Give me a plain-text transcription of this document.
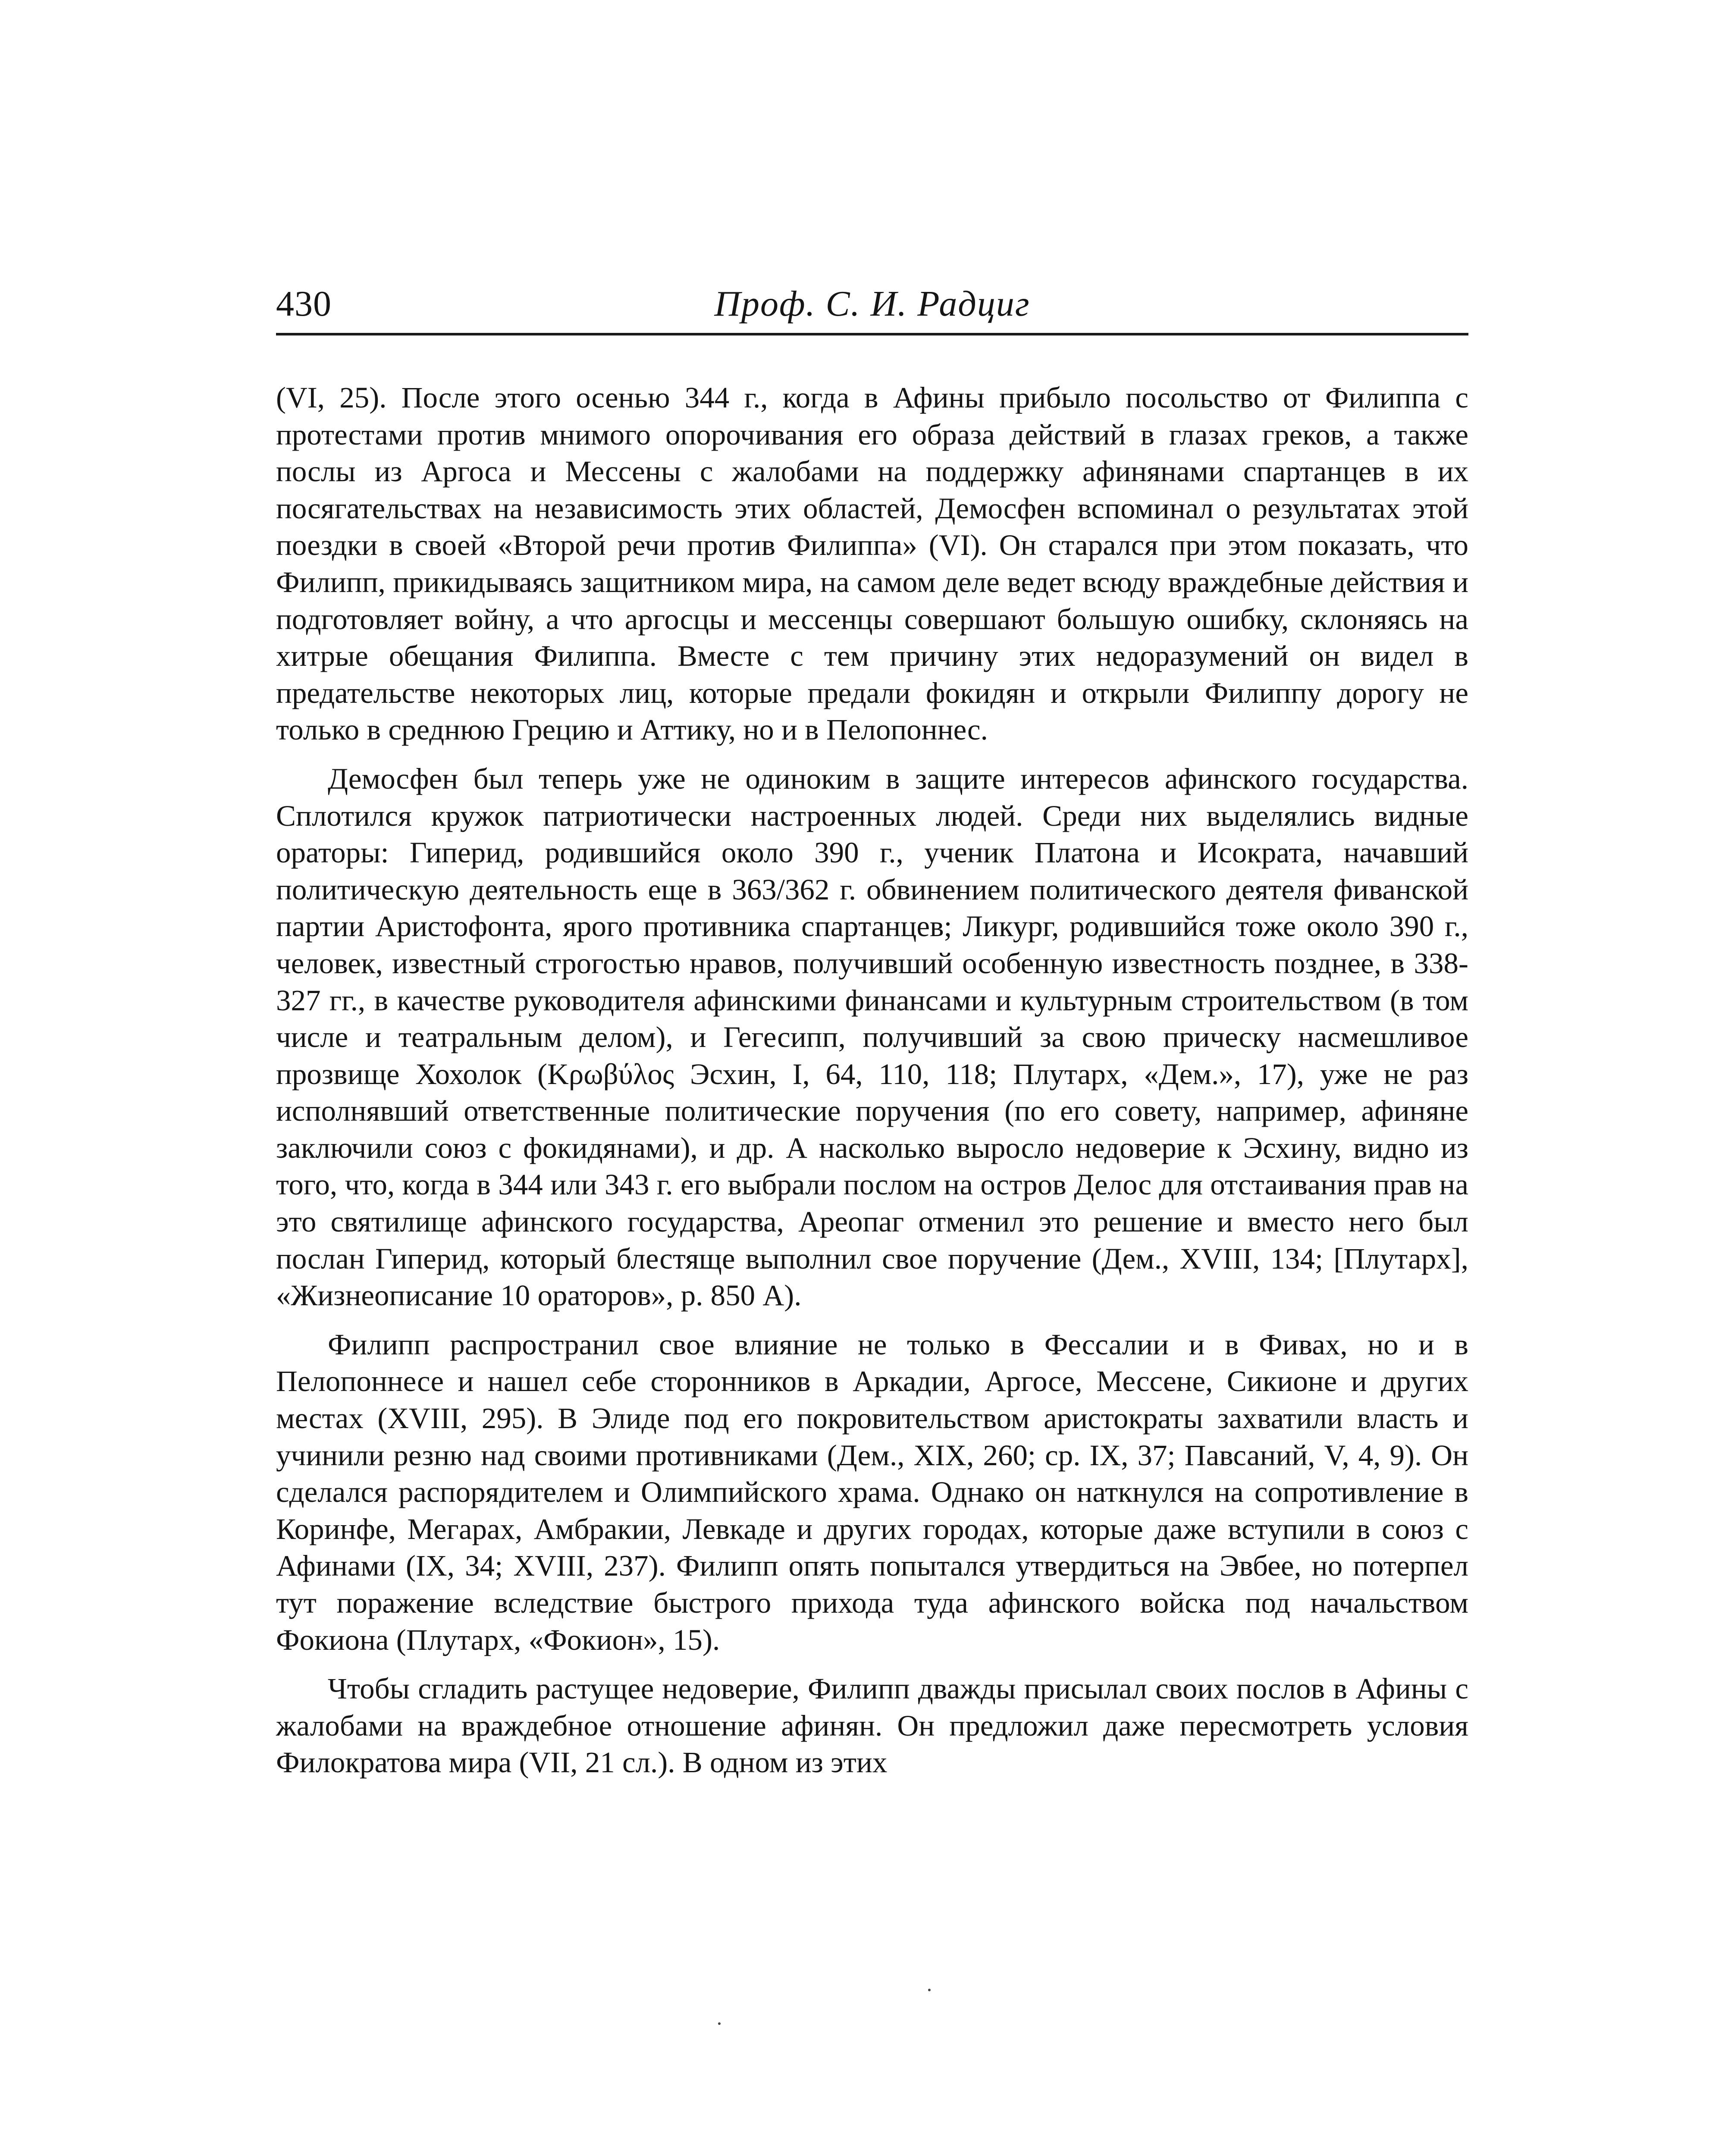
430	Проф. С. И. Радциг

(VI, 25). После этого осенью 344 г., когда в Афины прибыло посольство от Филиппа с протестами против мнимого опорочивания его образа действий в глазах греков, а также послы из Аргоса и Мессены с жалобами на поддержку афинянами спартанцев в их посягательствах на независимость этих областей, Демосфен вспоминал о результатах этой поездки в своей «Второй речи против Филиппа» (VI). Он старался при этом показать, что Филипп, прикидываясь защитником мира, на самом деле ведет всюду враждебные действия и подготовляет войну, а что аргосцы и мессенцы совершают большую ошибку, склоняясь на хитрые обещания Филиппа. Вместе с тем причину этих недоразумений он видел в предательстве некоторых лиц, которые предали фокидян и открыли Филиппу дорогу не только в среднюю Грецию и Аттику, но и в Пелопоннес.

Демосфен был теперь уже не одиноким в защите интересов афинского государства. Сплотился кружок патриотически настроенных людей. Среди них выделялись видные ораторы: Гиперид, родившийся около 390 г., ученик Платона и Исократа, начавший политическую деятельность еще в 363/362 г. обвинением политического деятеля фиванской партии Аристофонта, ярого противника спартанцев; Ликург, родившийся тоже около 390 г., человек, известный строгостью нравов, получивший особенную известность позднее, в 338-327 гг., в качестве руководителя афинскими финансами и культурным строительством (в том числе и театральным делом), и Гегесипп, получивший за свою прическу насмешливое прозвище Хохолок (Κρωβύλος Эсхин, I, 64, 110, 118; Плутарх, «Дем.», 17), уже не раз исполнявший ответственные политические поручения (по его совету, например, афиняне заключили союз с фокидянами), и др. А насколько выросло недоверие к Эсхину, видно из того, что, когда в 344 или 343 г. его выбрали послом на остров Делос для отстаивания прав на это святилище афинского государства, Ареопаг отменил это решение и вместо него был послан Гиперид, который блестяще выполнил свое поручение (Дем., XVIII, 134; [Плутарх], «Жизнеописание 10 ораторов», р. 850 А).

Филипп распространил свое влияние не только в Фессалии и в Фивах, но и в Пелопоннесе и нашел себе сторонников в Аркадии, Аргосе, Мессене, Сикионе и других местах (XVIII, 295). В Элиде под его покровительством аристократы захватили власть и учинили резню над своими противниками (Дем., XIX, 260; ср. IX, 37; Павсаний, V, 4, 9). Он сделался распорядителем и Олимпийского храма. Однако он наткнулся на сопротивление в Коринфе, Мегарах, Амбракии, Левкаде и других городах, которые даже вступили в союз с Афинами (IX, 34; XVIII, 237). Филипп опять попытался утвердиться на Эвбее, но потерпел тут поражение вследствие быстрого прихода туда афинского войска под начальством Фокиона (Плутарх, «Фокион», 15).

Чтобы сгладить растущее недоверие, Филипп дважды присылал своих послов в Афины с жалобами на враждебное отношение афинян. Он предложил даже пересмотреть условия Филократова мира (VII, 21 сл.). В одном из этих
